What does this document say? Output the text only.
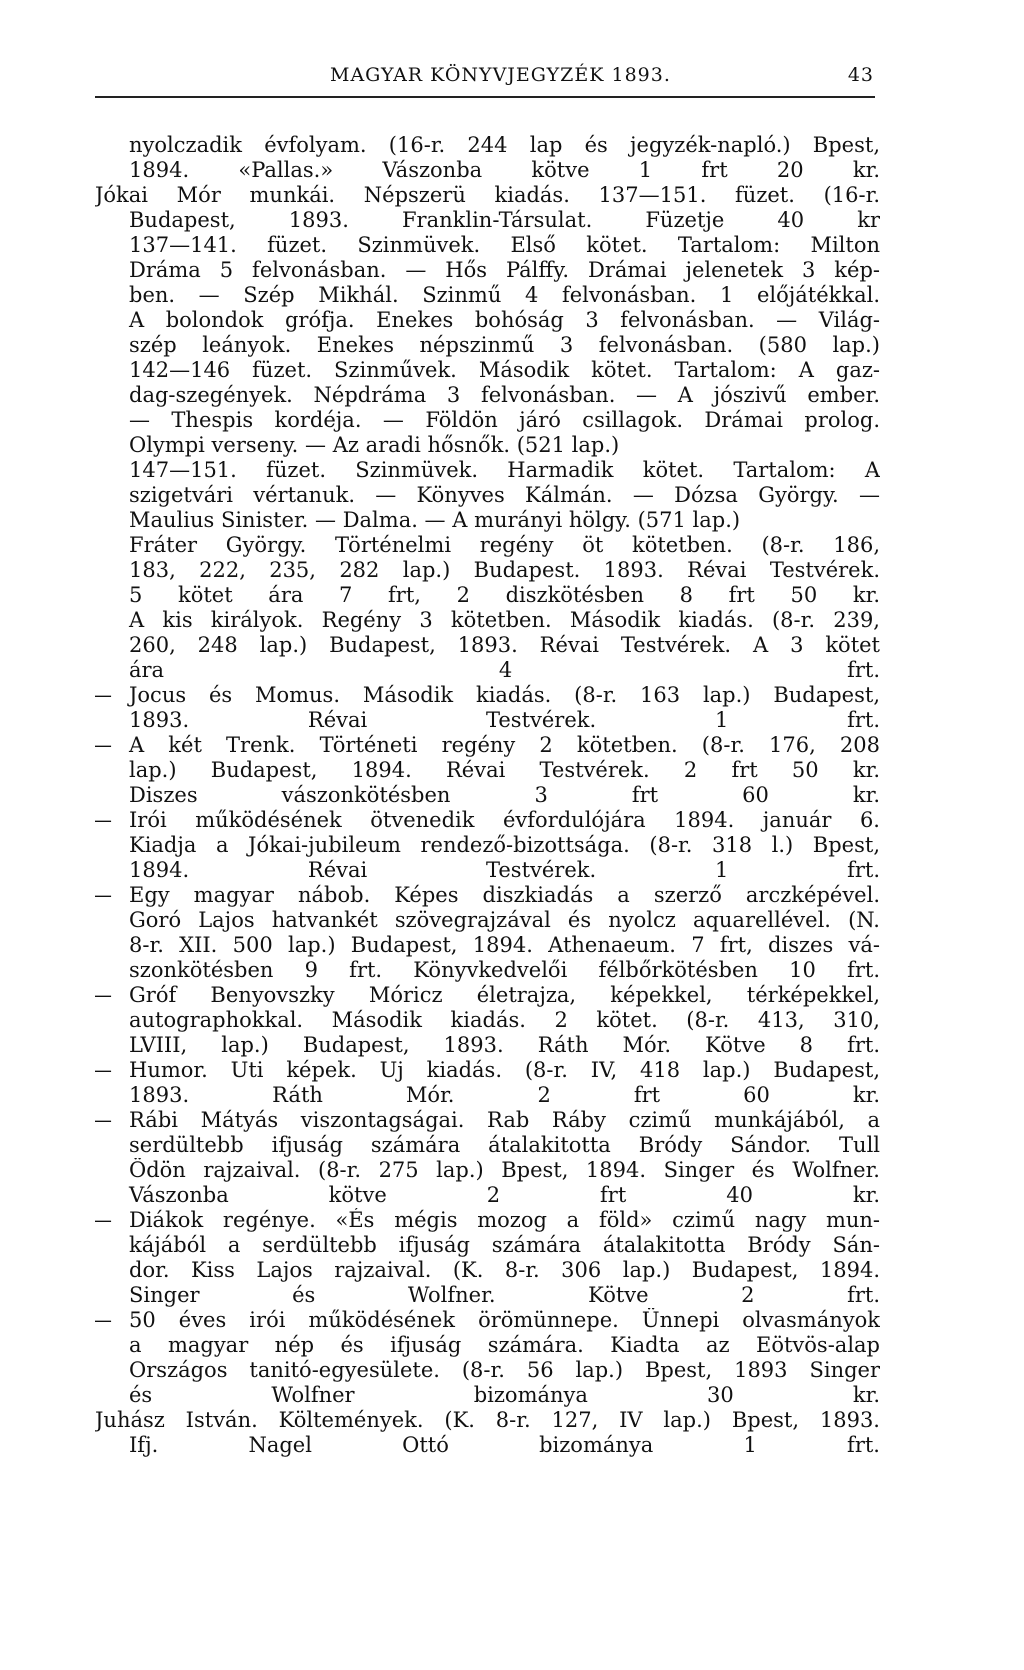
MAGYAR KÖNYVJEGYZÉK 1893.	43
nyolczadik évfolyam. (16-r. 244 lap és jegyzék-napló.) Bpest,
1894. «Pallas.» Vászonba kötve 1 frt 20 kr.
Jókai Mór munkái. Népszerü kiadás. 137—151. füzet. (16-r.
Budapest, 1893. Franklin-Társulat. Füzetje 40 kr
137—141. füzet. Szinmüvek. Első kötet. Tartalom: Milton
Dráma 5 felvonásban. — Hős Pálffy. Drámai jelenetek 3 kép-
ben. — Szép Mikhál. Szinmű 4 felvonásban. 1 előjátékkal.
A bolondok grófja. Enekes bohóság 3 felvonásban. — Világ-
szép leányok. Enekes népszinmű 3 felvonásban. (580 lap.)
142—146 füzet. Szinművek. Második kötet. Tartalom: A gaz-
dag-szegények. Népdráma 3 felvonásban. — A jószivű ember.
— Thespis kordéja. — Földön járó csillagok. Drámai prolog.
Olympi verseny. — Az aradi hősnők. (521 lap.)
147—151. füzet. Szinmüvek. Harmadik kötet. Tartalom: A
szigetvári vértanuk. — Könyves Kálmán. — Dózsa György. —
Maulius Sinister. — Dalma. — A murányi hölgy. (571 lap.)
Fráter György. Történelmi regény öt kötetben. (8-r. 186,
183, 222, 235, 282 lap.) Budapest. 1893. Révai Testvérek.
5 kötet ára 7 frt, 2 diszkötésben 8 frt 50 kr.
A kis királyok. Regény 3 kötetben. Második kiadás. (8-r. 239,
260, 248 lap.) Budapest, 1893. Révai Testvérek. A 3 kötet
ára 4 frt.
— Jocus és Momus. Második kiadás. (8-r. 163 lap.) Budapest,
1893. Révai Testvérek. 1 frt.
— A két Trenk. Történeti regény 2 kötetben. (8-r. 176, 208
lap.) Budapest, 1894. Révai Testvérek. 2 frt 50 kr.
Diszes vászonkötésben 3 frt 60 kr.
— Irói működésének ötvenedik évfordulójára 1894. január 6.
Kiadja a Jókai-jubileum rendező-bizottsága. (8-r. 318 l.) Bpest,
1894. Révai Testvérek. 1 frt.
— Egy magyar nábob. Képes diszkiadás a szerző arczképével.
Goró Lajos hatvankét szövegrajzával és nyolcz aquarellével. (N.
8-r. XII. 500 lap.) Budapest, 1894. Athenaeum. 7 frt, diszes vá-
szonkötésben 9 frt. Könyvkedvelői félbőrkötésben 10 frt.
— Gróf Benyovszky Móricz életrajza, képekkel, térképekkel,
autographokkal. Második kiadás. 2 kötet. (8-r. 413, 310,
LVIII, lap.) Budapest, 1893. Ráth Mór. Kötve 8 frt.
— Humor. Uti képek. Uj kiadás. (8-r. IV, 418 lap.) Budapest,
1893. Ráth Mór. 2 frt 60 kr.
— Rábi Mátyás viszontagságai. Rab Ráby czimű munkájából, a
serdültebb ifjuság számára átalakitotta Bródy Sándor. Tull
Ödön rajzaival. (8-r. 275 lap.) Bpest, 1894. Singer és Wolfner.
Vászonba kötve 2 frt 40 kr.
— Diákok regénye. «És mégis mozog a föld» czimű nagy mun-
kájából a serdültebb ifjuság számára átalakitotta Bródy Sán-
dor. Kiss Lajos rajzaival. (K. 8-r. 306 lap.) Budapest, 1894.
Singer és Wolfner. Kötve 2 frt.
— 50 éves irói működésének örömünnepe. Ünnepi olvasmányok
a magyar nép és ifjuság számára. Kiadta az Eötvös-alap
Országos tanitó-egyesülete. (8-r. 56 lap.) Bpest, 1893 Singer
és Wolfner bizománya 30 kr.
Juhász István. Költemények. (K. 8-r. 127, IV lap.) Bpest, 1893.
Ifj. Nagel Ottó bizománya 1 frt.
